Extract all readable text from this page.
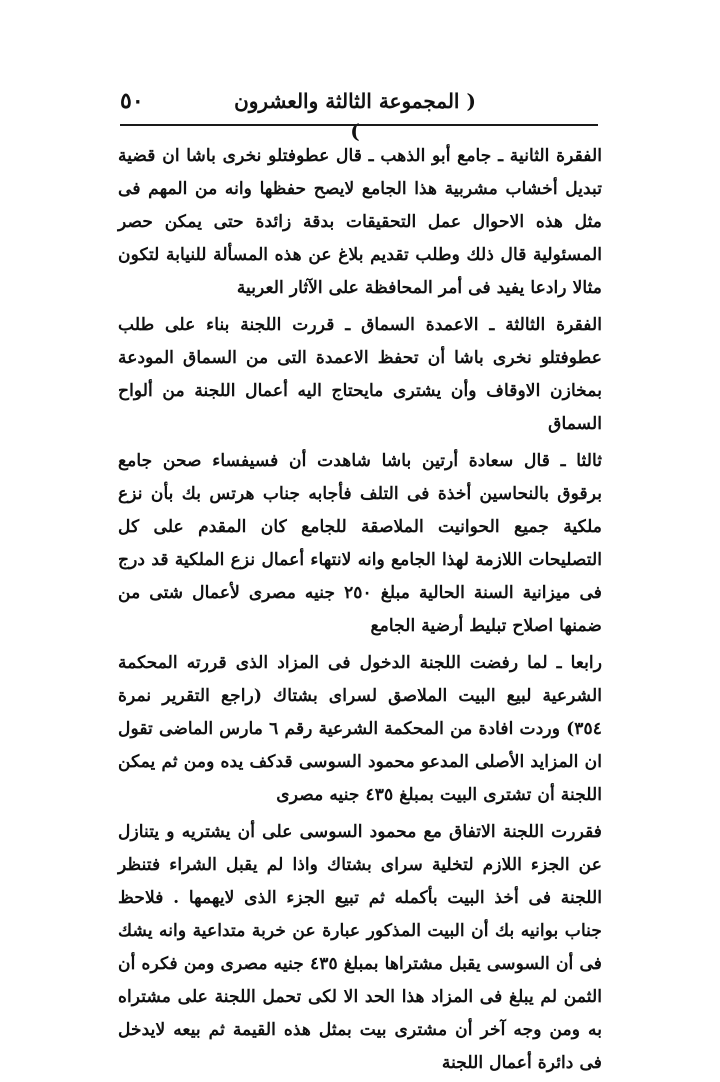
٥٠	( المجموعة الثالثة والعشرون )

الفقرة الثانية ـ جامع أبو الذهب ـ قال عطوفتلو نخرى باشا ان قضية تبديل أخشاب مشربية هذا الجامع لايصح حفظها وانه من المهم فى مثل هذه الاحوال عمل التحقيقات بدقة زائدة حتى يمكن حصر المسئولية قال ذلك وطلب تقديم بلاغ عن هذه المسألة للنيابة لتكون مثالا رادعا يفيد فى أمر المحافظة على الآثار العربية

الفقرة الثالثة ـ الاعمدة السماق ـ قررت اللجنة بناء على طلب عطوفتلو نخرى باشا أن تحفظ الاعمدة التى من السماق المودعة بمخازن الاوقاف وأن يشترى مايحتاج اليه أعمال اللجنة من ألواح السماق

ثالثا ـ قال سعادة أرتين باشا شاهدت أن فسيفساء صحن جامع برقوق بالنحاسين أخذة فى التلف فأجابه جناب هرتس بك بأن نزع ملكية جميع الحوانيت الملاصقة للجامع كان المقدم على كل التصليحات اللازمة لهذا الجامع وانه لانتهاء أعمال نزع الملكية قد درج فى ميزانية السنة الحالية مبلغ ٢٥٠ جنيه مصرى لأعمال شتى من ضمنها اصلاح تبليط أرضية الجامع

رابعا ـ لما رفضت اللجنة الدخول فى المزاد الذى قررته المحكمة الشرعية لبيع البيت الملاصق لسراى بشتاك (راجع التقرير نمرة ٣٥٤) وردت افادة من المحكمة الشرعية رقم ٦ مارس الماضى تقول ان المزايد الأصلى المدعو محمود السوسى قدكف يده ومن ثم يمكن اللجنة أن تشترى البيت بمبلغ ٤٣٥ جنيه مصرى

فقررت اللجنة الاتفاق مع محمود السوسى على أن يشتريه و يتنازل عن الجزء اللازم لتخلية سراى بشتاك واذا لم يقبل الشراء فتنظر اللجنة فى أخذ البيت بأكمله ثم تبيع الجزء الذى لايهمها . فلاحظ جناب بوانيه بك أن البيت المذكور عبارة عن خربة متداعية وانه يشك فى أن السوسى يقبل مشتراها بمبلغ ٤٣٥ جنيه مصرى ومن فكره أن الثمن لم يبلغ فى المزاد هذا الحد الا لكى تحمل اللجنة على مشتراه به ومن وجه آخر أن مشترى بيت بمثل هذه القيمة ثم بيعه لايدخل فى دائرة أعمال اللجنة
